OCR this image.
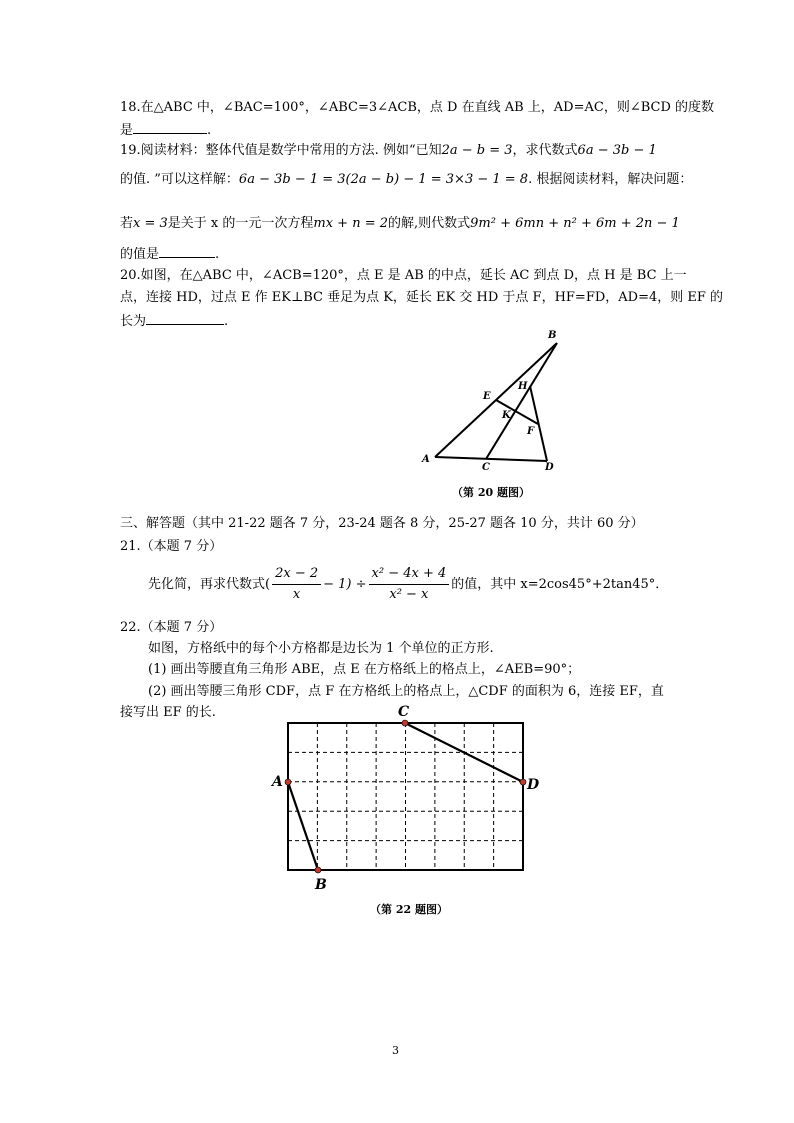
18.在△ABC 中，∠BAC=100°，∠ABC=3∠ACB，点 D 在直线 AB 上，AD=AC，则∠BCD 的度数
是	.
19.阅读材料：整体代值是数学中常用的方法. 例如“已知2a − b = 3，求代数式6a − 3b − 1
的值. ”可以这样解：6a − 3b − 1 = 3(2a − b) − 1 = 3×3 − 1 = 8. 根据阅读材料，解决问题：
若x = 3是关于 x 的一元一次方程mx + n = 2的解,则代数式9m² + 6mn + n² + 6m + 2n − 1
的值是	.
20.如图，在△ABC 中，∠ACB=120°，点 E 是 AB 的中点，延长 AC 到点 D，点 H 是 BC 上一
点，连接 HD，过点 E 作 EK⊥BC 垂足为点 K，延长 EK 交 HD 于点 F，HF=FD，AD=4，则 EF 的
长为	.
B
E
H
K
F
A
C	D
（第 20 题图）
三、解答题（其中 21-22 题各 7 分，23-24 题各 8 分，25-27 题各 10 分，共计 60 分）
21.（本题 7 分）
先化简，再求代数式( $\frac{2x - 2}{x} - 1) \div \frac{\text{x² − 4x + 4}}{\text{x² − x}}$ 的值，其中 x=2cos45°+2tan45°．
22.（本题 7 分）
如图，方格纸中的每个小方格都是边长为 1 个单位的正方形.
(1) 画出等腰直角三角形 ABE，点 E 在方格纸上的格点上，∠AEB=90°；
(2) 画出等腰三角形 CDF，点 F 在方格纸上的格点上，△CDF 的面积为 6，连接 EF，直
接写出 EF 的长.	C
A	D
B
（第 22 题图）
3
